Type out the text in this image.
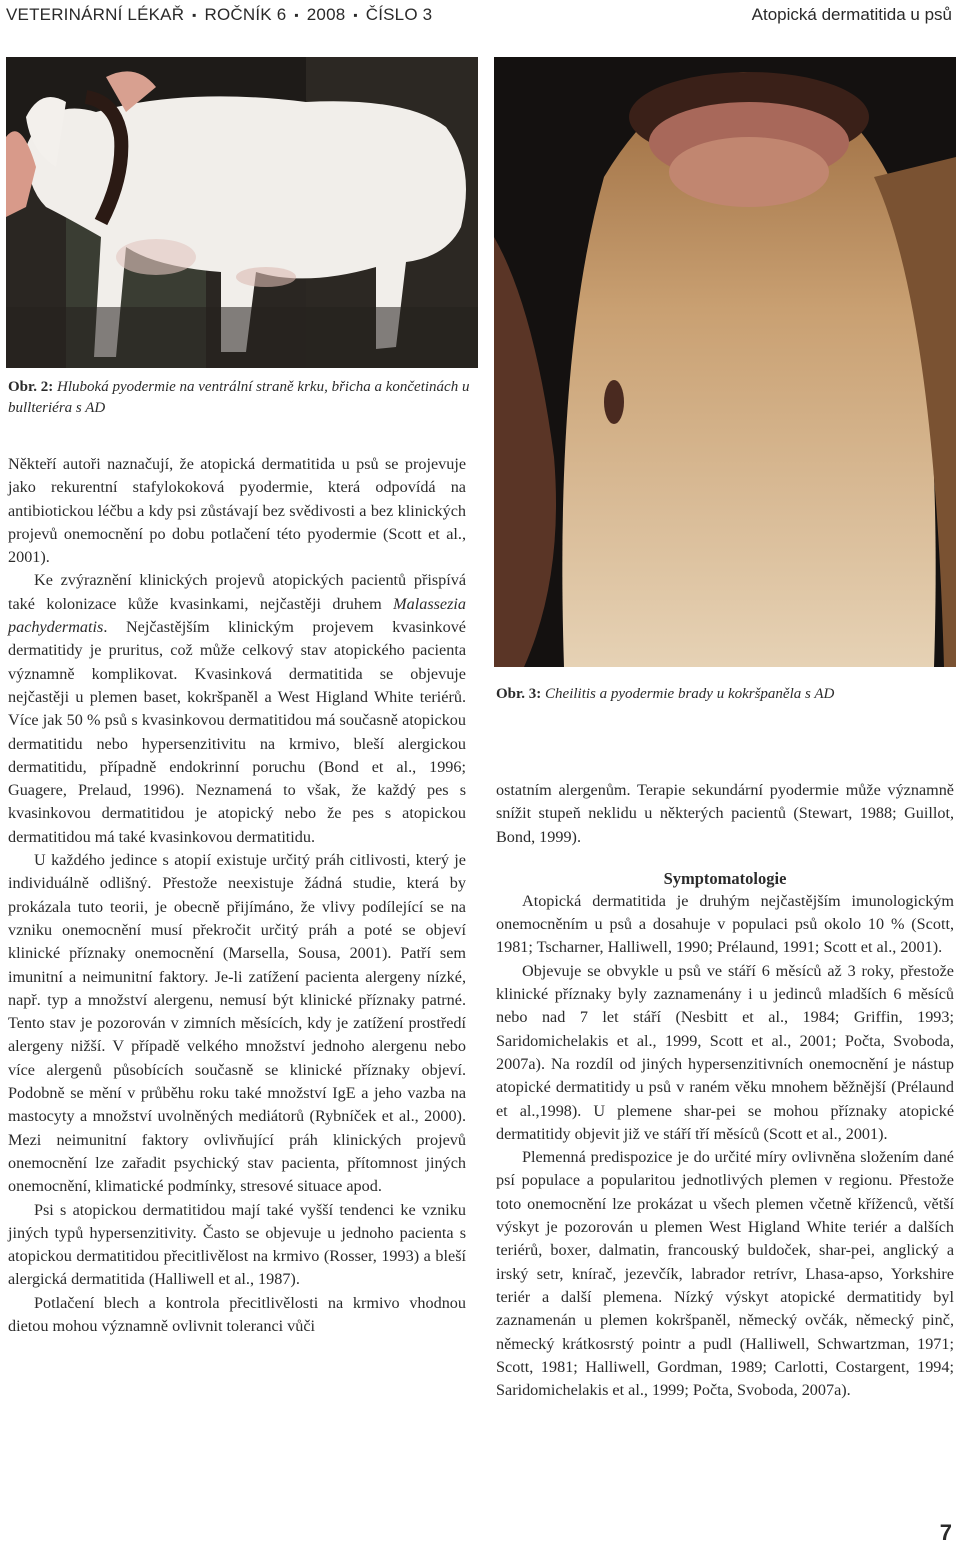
VETERINÁRNÍ LÉKAŘ ▪ ROČNÍK 6 ▪ 2008 ▪ ČÍSLO 3	Atopická dermatitida u psů
Obr. 2: Hluboká pyodermie na ventrální straně krku, břicha a končetinách u bullteriéra s AD
Obr. 3: Cheilitis a pyodermie brady u kokršpaněla s AD

Někteří autoři naznačují, že atopická dermatitida u psů se projevuje jako rekurentní stafylokoková pyodermie, která odpovídá na antibiotickou léčbu a kdy psi zůstávají bez svědivosti a bez klinických projevů onemocnění po dobu potlačení této pyodermie (Scott et al., 2001).

Ke zvýraznění klinických projevů atopických pacientů přispívá také kolonizace kůže kvasinkami, nejčastěji druhem Malassezia pachydermatis. Nejčastějším klinickým projevem kvasinkové dermatitidy je pruritus, což může celkový stav atopického pacienta významně komplikovat. Kvasinková dermatitida se objevuje nejčastěji u plemen baset, kokršpaněl a West Higland White teriérů. Více jak 50 % psů s kvasinkovou dermatitidou má současně atopickou dermatitidu nebo hypersenzitivitu na krmivo, bleší alergickou dermatitidu, případně endokrinní poruchu (Bond et al., 1996; Guagere, Prelaud, 1996). Neznamená to však, že každý pes s kvasinkovou dermatitidou je atopický nebo že pes s atopickou dermatitidou má také kvasinkovou dermatitidu.

U každého jedince s atopií existuje určitý práh citlivosti, který je individuálně odlišný. Přestože neexistuje žádná studie, která by prokázala tuto teorii, je obecně přijímáno, že vlivy podílející se na vzniku onemocnění musí překročit určitý práh a poté se objeví klinické příznaky onemocnění (Marsella, Sousa, 2001). Patří sem imunitní a neimunitní faktory. Je-li zatížení pacienta alergeny nízké, např. typ a množství alergenu, nemusí být klinické příznaky patrné. Tento stav je pozorován v zimních měsících, kdy je zatížení prostředí alergeny nižší. V případě velkého množství jednoho alergenu nebo více alergenů působících současně se klinické příznaky objeví. Podobně se mění v průběhu roku také množství IgE a jeho vazba na mastocyty a množství uvolněných mediátorů (Rybníček et al., 2000). Mezi neimunitní faktory ovlivňující práh klinických projevů onemocnění lze zařadit psychický stav pacienta, přítomnost jiných onemocnění, klimatické podmínky, stresové situace apod.

Psi s atopickou dermatitidou mají také vyšší tendenci ke vzniku jiných typů hypersenzitivity. Často se objevuje u jednoho pacienta s atopickou dermatitidou přecitlivělost na krmivo (Rosser, 1993) a bleší alergická dermatitida (Halliwell et al., 1987).

Potlačení blech a kontrola přecitlivělosti na krmivo vhodnou dietou mohou významně ovlivnit toleranci vůči

ostatním alergenům. Terapie sekundární pyodermie může významně snížit stupeň neklidu u některých pacientů (Stewart, 1988; Guillot, Bond, 1999).

Symptomatologie

Atopická dermatitida je druhým nejčastějším imunologickým onemocněním u psů a dosahuje v populaci psů okolo 10 % (Scott, 1981; Tscharner, Halliwell, 1990; Prélaund, 1991; Scott et al., 2001).

Objevuje se obvykle u psů ve stáří 6 měsíců až 3 roky, přestože klinické příznaky byly zaznamenány i u jedinců mladších 6 měsíců nebo nad 7 let stáří (Nesbitt et al., 1984; Griffin, 1993; Saridomichelakis et al., 1999, Scott et al., 2001; Počta, Svoboda, 2007a). Na rozdíl od jiných hypersenzitivních onemocnění je nástup atopické dermatitidy u psů v raném věku mnohem běžnější (Prélaund et al.,1998). U plemene shar-pei se mohou příznaky atopické dermatitidy objevit již ve stáří tří měsíců (Scott et al., 2001).

Plemenná predispozice je do určité míry ovlivněna složením dané psí populace a popularitou jednotlivých plemen v regionu. Přestože toto onemocnění lze prokázat u všech plemen včetně kříženců, větší výskyt je pozorován u plemen West Higland White teriér a dalších teriérů, boxer, dalmatin, francouský buldoček, shar-pei, anglický a irský setr, knírač, jezevčík, labrador retrívr, Lhasa-apso, Yorkshire teriér a další plemena. Nízký výskyt atopické dermatitidy byl zaznamenán u plemen kokršpaněl, německý ovčák, německý pinč, německý krátkosrstý pointr a pudl (Halliwell, Schwartzman, 1971; Scott, 1981; Halliwell, Gordman, 1989; Carlotti, Costargent, 1994; Saridomichelakis et al., 1999; Počta, Svoboda, 2007a).

7
